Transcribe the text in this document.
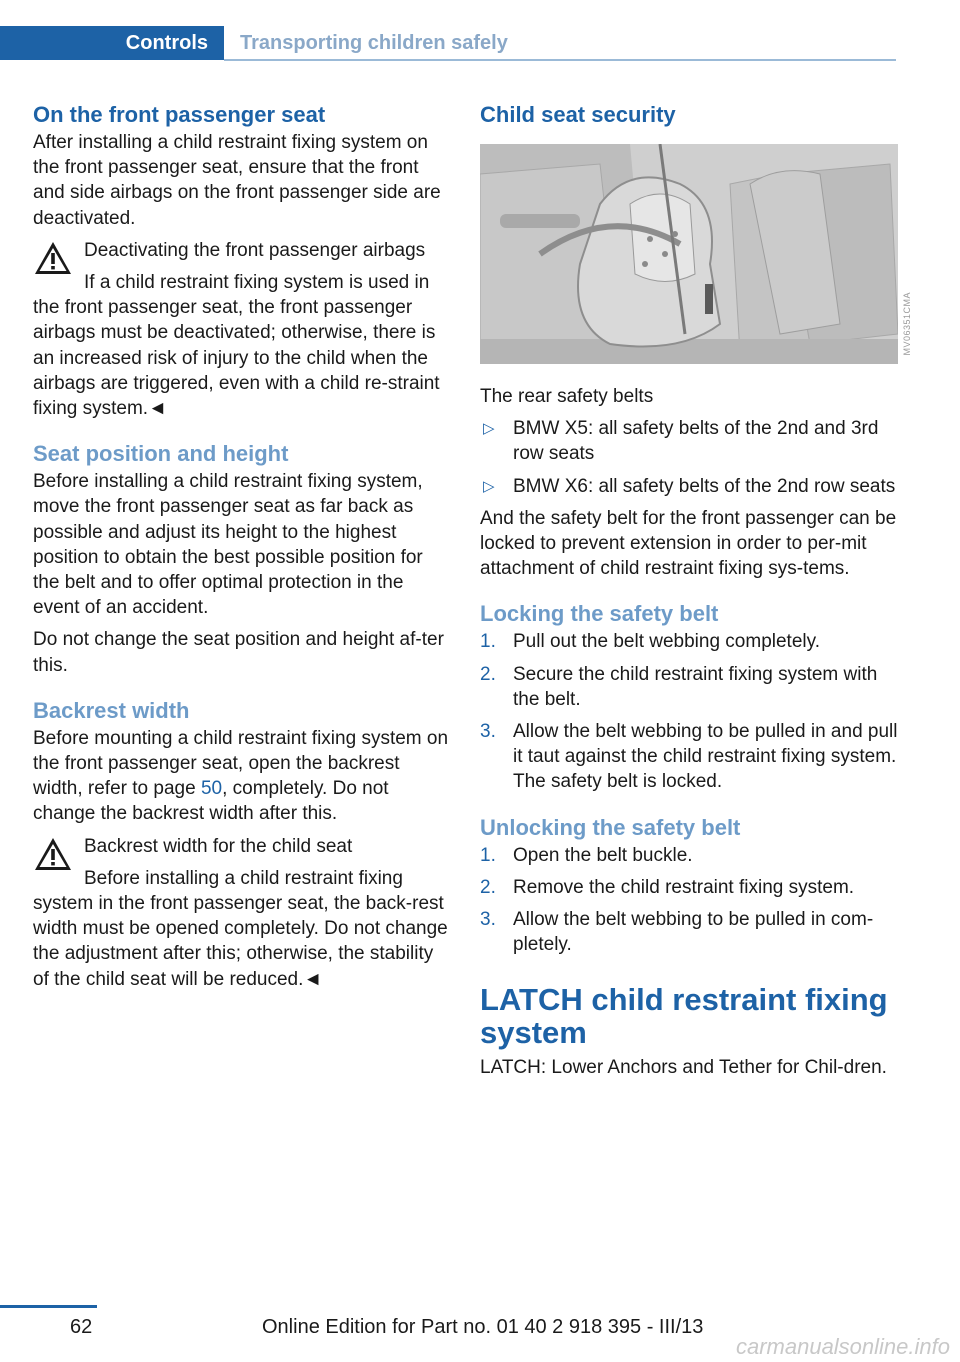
Controls	Transporting children safely
On the front passenger seat

After installing a child restraint fixing system on the front passenger seat, ensure that the front and side airbags on the front passenger side are deactivated.

Deactivating the front passenger airbags
If a child restraint fixing system is used in
the front passenger seat, the front passenger airbags must be deactivated; otherwise, there is an increased risk of injury to the child when the airbags are triggered, even with a child re‐straint fixing system.◄
Seat position and height

Before installing a child restraint fixing system, move the front passenger seat as far back as possible and adjust its height to the highest position to obtain the best possible position for the belt and to offer optimal protection in the event of an accident.

Do not change the seat position and height af‐ter this.

Backrest width

Before mounting a child restraint fixing system on the front passenger seat, open the backrest width, refer to page 50, completely. Do not change the backrest width after this.

Backrest width for the child seat
Before installing a child restraint fixing
system in the front passenger seat, the back‐rest width must be opened completely. Do not change the adjustment after this; otherwise, the stability of the child seat will be reduced.◄
Child seat security

The rear safety belts

▷ BMW X5: all safety belts of the 2nd and 3rd row seats
▷ BMW X6: all safety belts of the 2nd row seats

And the safety belt for the front passenger can be locked to prevent extension in order to per‐mit attachment of child restraint fixing sys‐tems.

Locking the safety belt
1. Pull out the belt webbing completely.
2. Secure the child restraint fixing system with the belt.
3. Allow the belt webbing to be pulled in and pull it taut against the child restraint fixing system. The safety belt is locked.
Unlocking the safety belt
1. Open the belt buckle.
2. Remove the child restraint fixing system.
3. Allow the belt webbing to be pulled in com‐pletely.
LATCH child restraint fixing system

LATCH: Lower Anchors and Tether for Chil‐dren.

MV06351CMA
62	Online Edition for Part no. 01 40 2 918 395 - III/13
carmanualsonline.info
